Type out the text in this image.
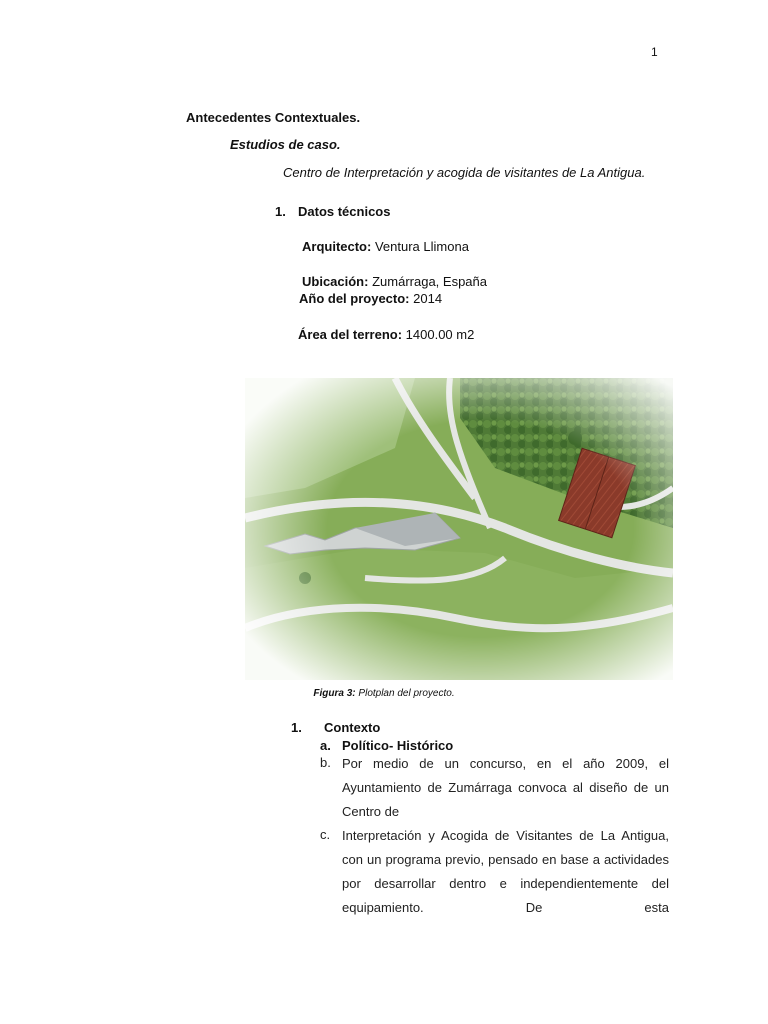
1
Antecedentes Contextuales.
Estudios de caso.
Centro de Interpretación y acogida de visitantes de La Antigua.
1. Datos técnicos
Arquitecto: Ventura Llimona
Ubicación: Zumárraga, España
Año del proyecto: 2014
Área del terreno: 1400.00 m2
Figura 3: Plotplan del proyecto.
1. Contexto
a. Político- Histórico
b. Por medio de un concurso, en el año 2009, el Ayuntamiento de Zumárraga convoca al diseño de un Centro de
c. Interpretación y Acogida de Visitantes de La Antigua, con un programa previo, pensado en base a actividades por desarrollar dentro e independientemente del equipamiento. De esta
